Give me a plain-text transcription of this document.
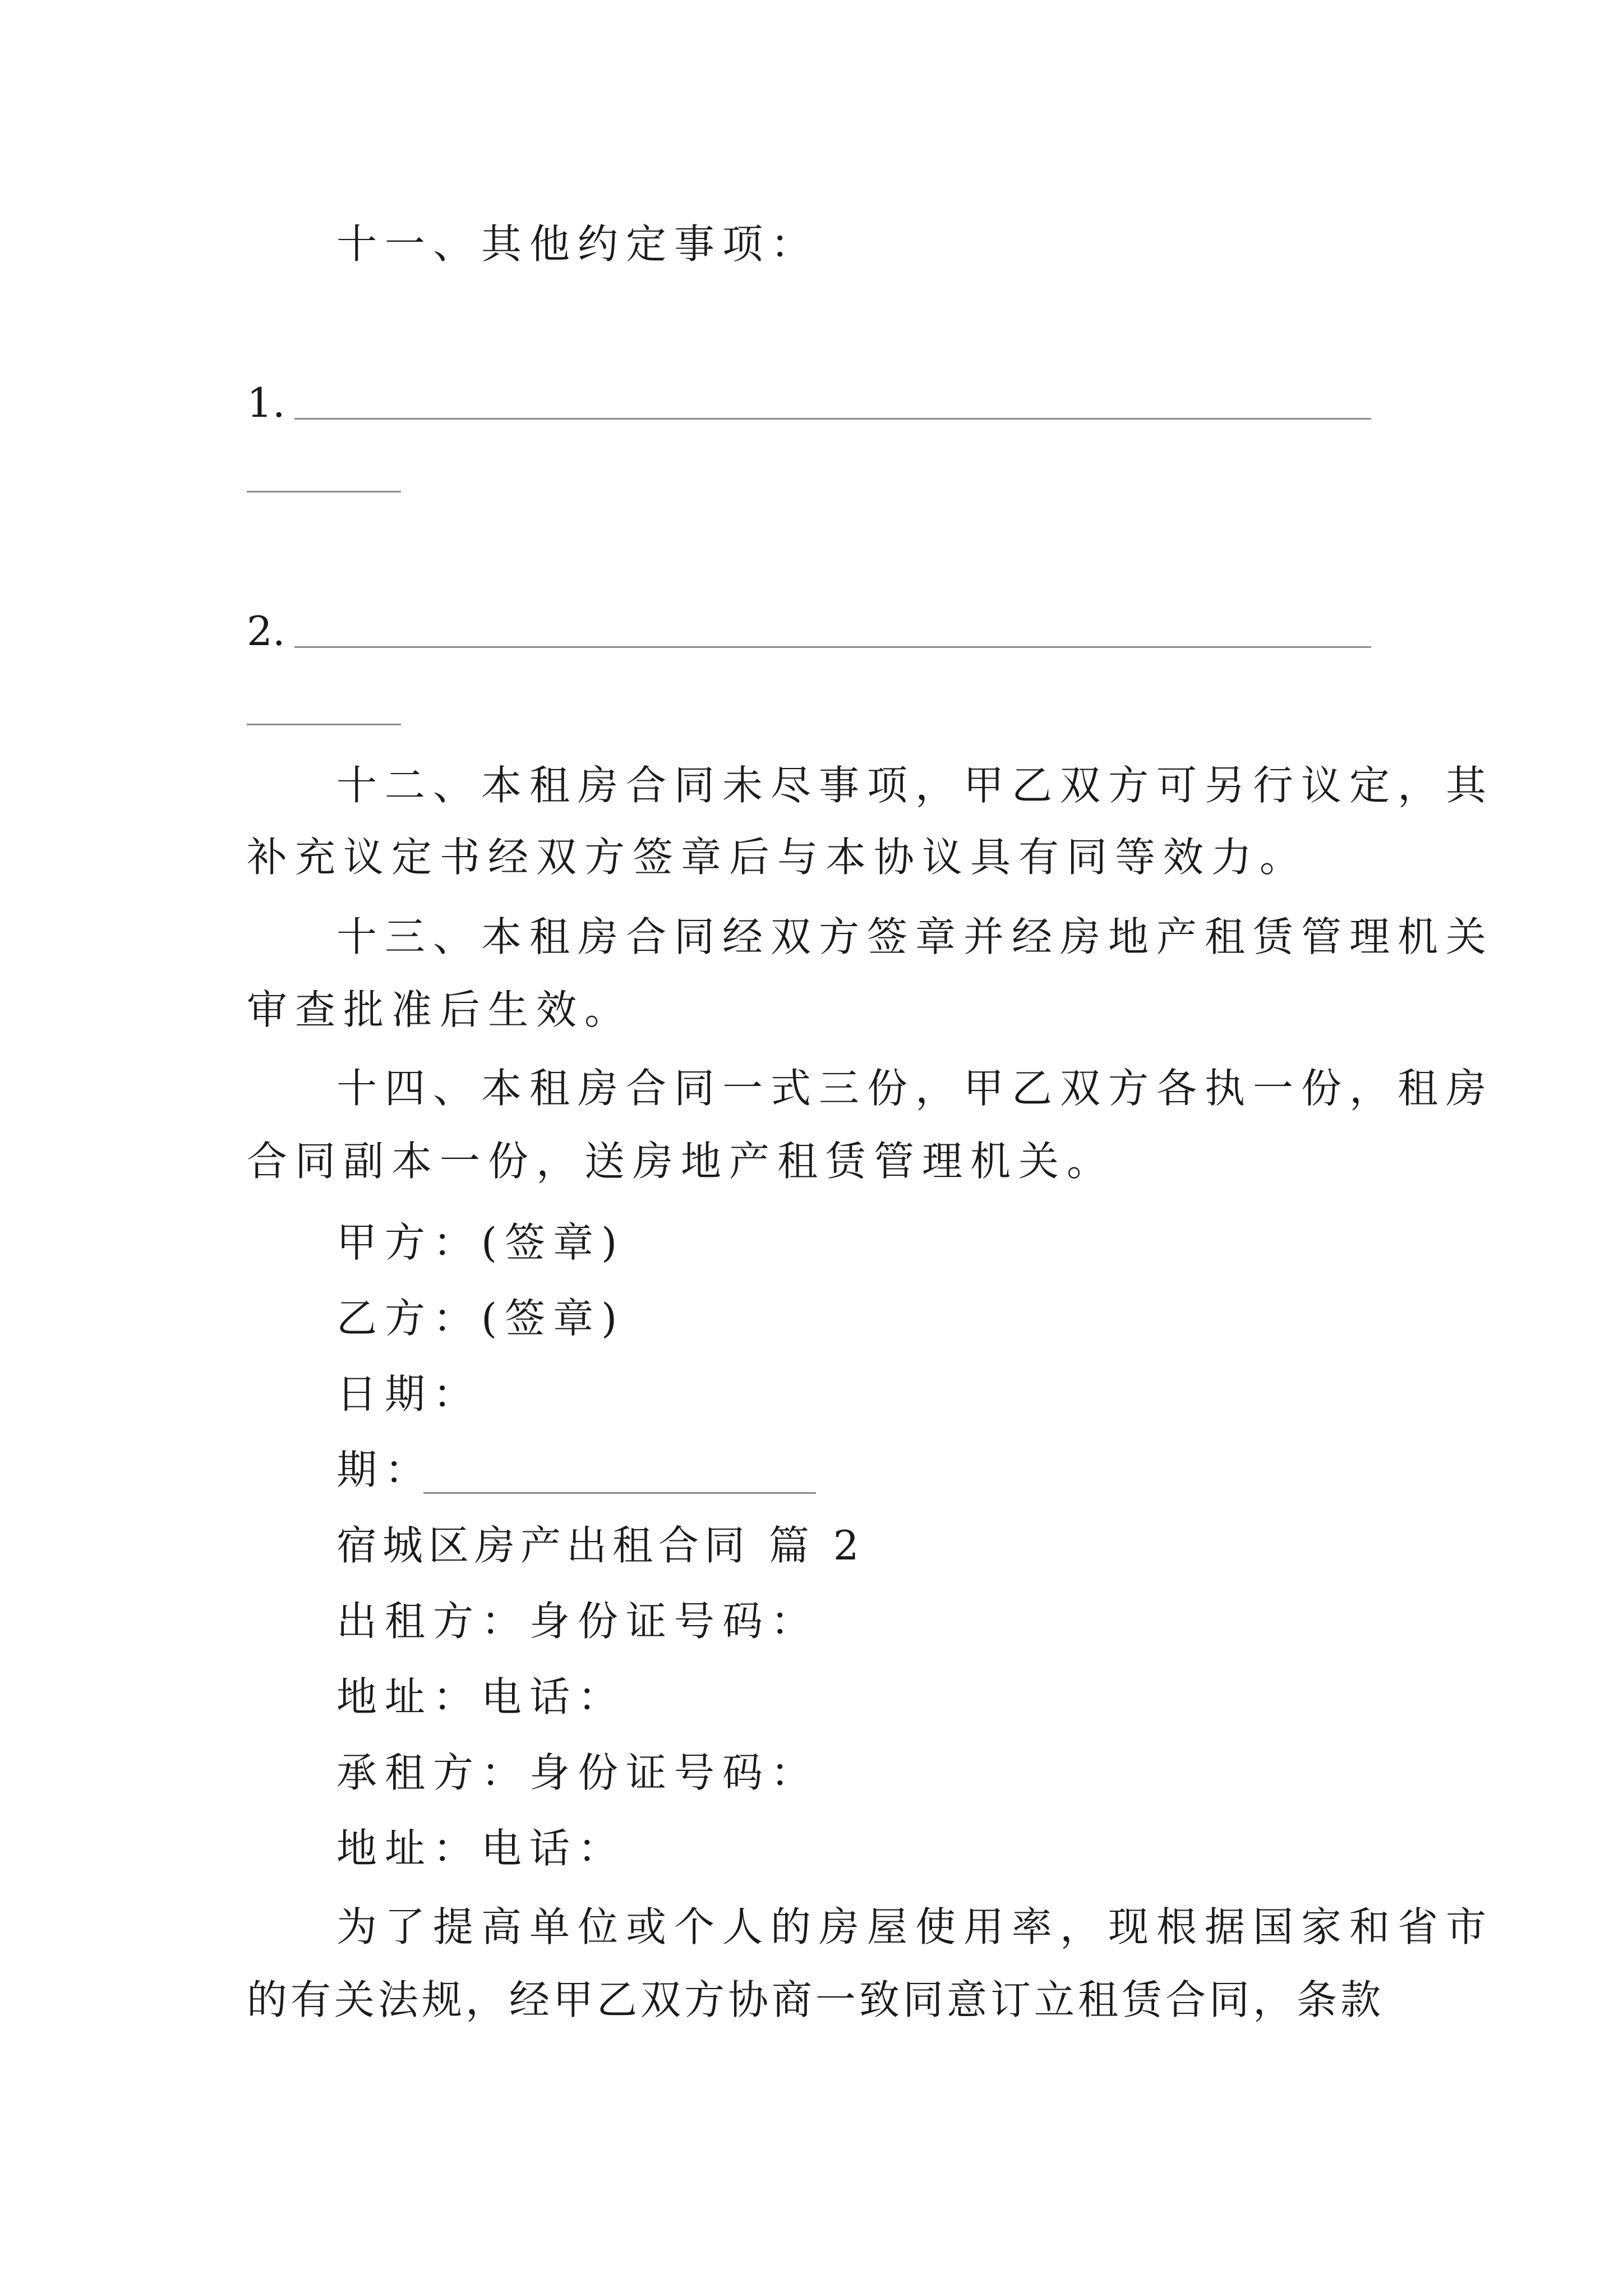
十一、其他约定事项：
1.
2.
十二、本租房合同未尽事项，甲乙双方可另行议定，其
补充议定书经双方签章后与本协议具有同等效力。
十三、本租房合同经双方签章并经房地产租赁管理机关
审查批准后生效。
十四、本租房合同一式三份，甲乙双方各执一份，租房
合同副本一份，送房地产租赁管理机关。
甲方：(签章)
乙方：(签章)
日期：
期：
宿城区房产出租合同 篇 2
出租方：身份证号码：
地址：电话：
承租方：身份证号码：
地址：电话：
为了提高单位或个人的房屋使用率，现根据国家和省市
的有关法规，经甲乙双方协商一致同意订立租赁合同，条款
